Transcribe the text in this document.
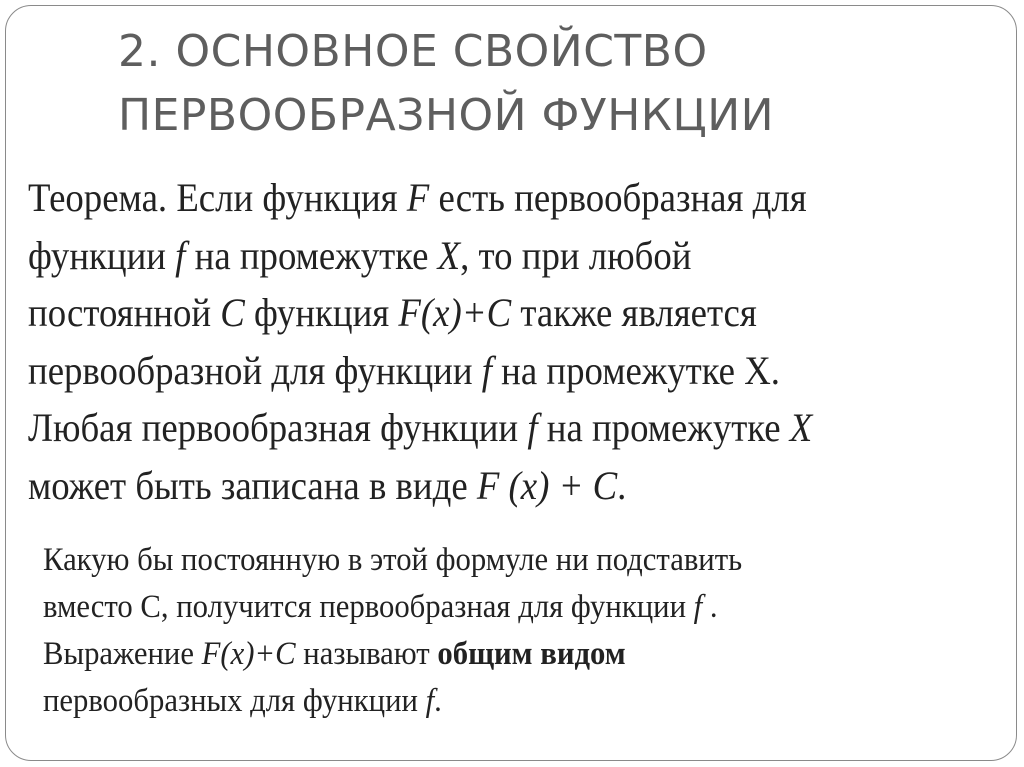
2. ОСНОВНОЕ СВОЙСТВО
ПЕРВООБРАЗНОЙ ФУНКЦИИ
Теорема. Если функция F есть первообразная для
функции f на промежутке X, то при любой
постоянной C функция F(x)+C также является
первообразной для функции f на промежутке X.
Любая первообразная функции f на промежутке X
может быть записана в виде F (x) + C.
Какую бы постоянную в этой формуле ни подставить
вместо С, получится первообразная для функции f .
Выражение F(x)+C называют общим видом
первообразных для функции f.
